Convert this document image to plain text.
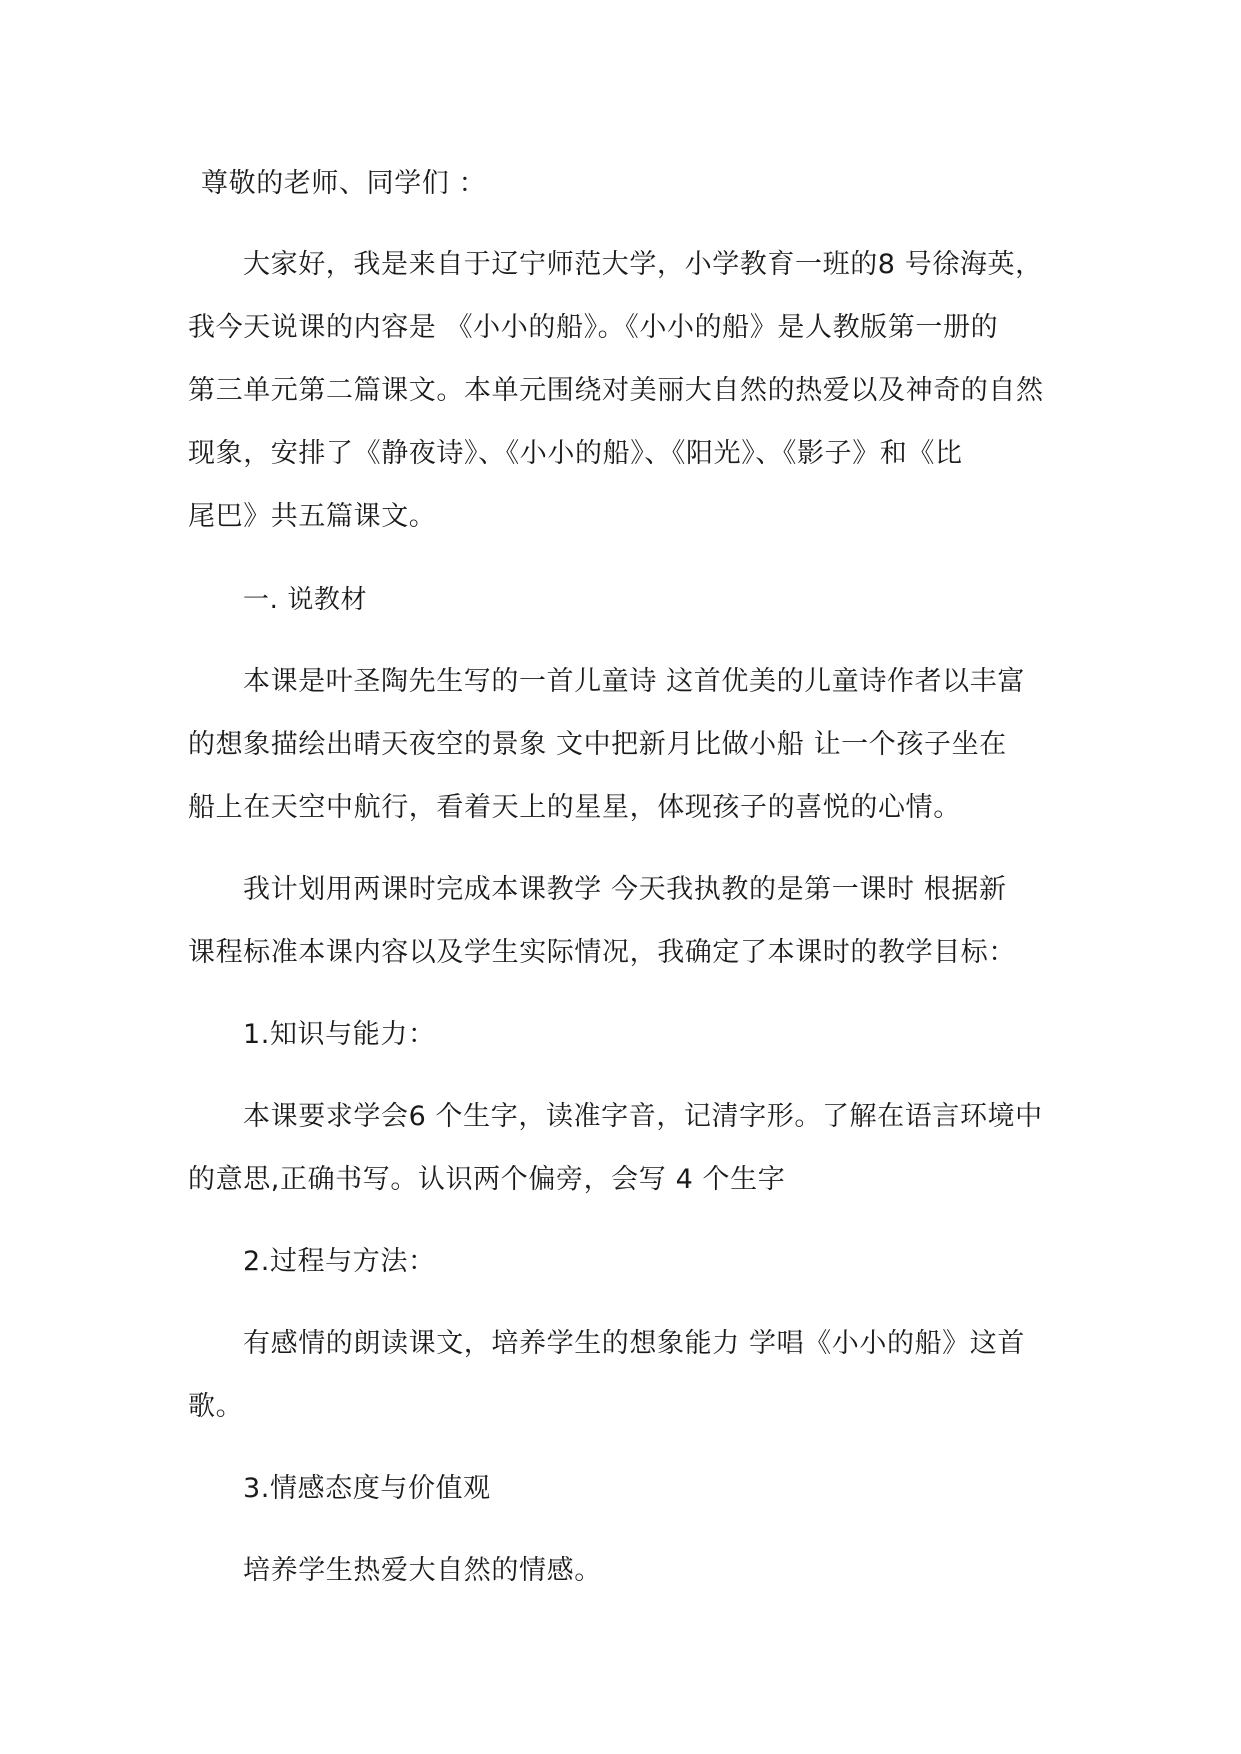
尊敬的老师、同学们 ：
大家好，我是来自于辽宁师范大学，小学教育一班的8 号徐海英，
我今天说课的内容是 《小小的船》。《小小的船》是人教版第一册的
第三单元第二篇课文。本单元围绕对美丽大自然的热爱以及神奇的自然
现象，安排了《静夜诗》、《小小的船》、《阳光》、《影子》和《比
尾巴》共五篇课文。
一. 说教材
本课是叶圣陶先生写的一首儿童诗 这首优美的儿童诗作者以丰富
的想象描绘出晴天夜空的景象 文中把新月比做小船 让一个孩子坐在
船上在天空中航行，看着天上的星星，体现孩子的喜悦的心情。
我计划用两课时完成本课教学 今天我执教的是第一课时 根据新
课程标准本课内容以及学生实际情况，我确定了本课时的教学目标：
1.知识与能力：
本课要求学会6 个生字，读准字音，记清字形。了解在语言环境中
的意思,正确书写。认识两个偏旁，会写 4 个生字
2.过程与方法：
有感情的朗读课文，培养学生的想象能力 学唱《小小的船》这首
歌。
3.情感态度与价值观
培养学生热爱大自然的情感。
